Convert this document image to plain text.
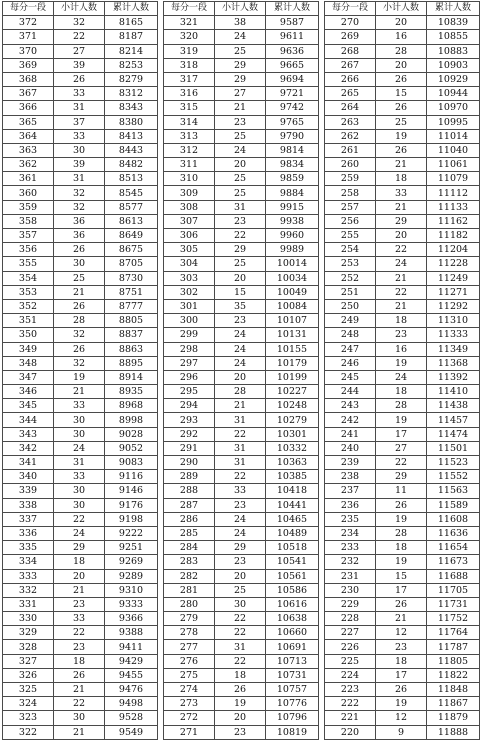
每分一段	小计人数	累计人数
372	32	8165
371	22	8187
370	27	8214
369	39	8253
368	26	8279
367	33	8312
366	31	8343
365	37	8380
364	33	8413
363	30	8443
362	39	8482
361	31	8513
360	32	8545
359	32	8577
358	36	8613
357	36	8649
356	26	8675
355	30	8705
354	25	8730
353	21	8751
352	26	8777
351	28	8805
350	32	8837
349	26	8863
348	32	8895
347	19	8914
346	21	8935
345	33	8968
344	30	8998
343	30	9028
342	24	9052
341	31	9083
340	33	9116
339	30	9146
338	30	9176
337	22	9198
336	24	9222
335	29	9251
334	18	9269
333	20	9289
332	21	9310
331	23	9333
330	33	9366
329	22	9388
328	23	9411
327	18	9429
326	26	9455
325	21	9476
324	22	9498
323	30	9528
322	21	9549
每分一段	小计人数	累计人数
321	38	9587
320	24	9611
319	25	9636
318	29	9665
317	29	9694
316	27	9721
315	21	9742
314	23	9765
313	25	9790
312	24	9814
311	20	9834
310	25	9859
309	25	9884
308	31	9915
307	23	9938
306	22	9960
305	29	9989
304	25	10014
303	20	10034
302	15	10049
301	35	10084
300	23	10107
299	24	10131
298	24	10155
297	24	10179
296	20	10199
295	28	10227
294	21	10248
293	31	10279
292	22	10301
291	31	10332
290	31	10363
289	22	10385
288	33	10418
287	23	10441
286	24	10465
285	24	10489
284	29	10518
283	23	10541
282	20	10561
281	25	10586
280	30	10616
279	22	10638
278	22	10660
277	31	10691
276	22	10713
275	18	10731
274	26	10757
273	19	10776
272	20	10796
271	23	10819
每分一段	小计人数	累计人数
270	20	10839
269	16	10855
268	28	10883
267	20	10903
266	26	10929
265	15	10944
264	26	10970
263	25	10995
262	19	11014
261	26	11040
260	21	11061
259	18	11079
258	33	11112
257	21	11133
256	29	11162
255	20	11182
254	22	11204
253	24	11228
252	21	11249
251	22	11271
250	21	11292
249	18	11310
248	23	11333
247	16	11349
246	19	11368
245	24	11392
244	18	11410
243	28	11438
242	19	11457
241	17	11474
240	27	11501
239	22	11523
238	29	11552
237	11	11563
236	26	11589
235	19	11608
234	28	11636
233	18	11654
232	19	11673
231	15	11688
230	17	11705
229	26	11731
228	21	11752
227	12	11764
226	23	11787
225	18	11805
224	17	11822
223	26	11848
222	19	11867
221	12	11879
220	9	11888
